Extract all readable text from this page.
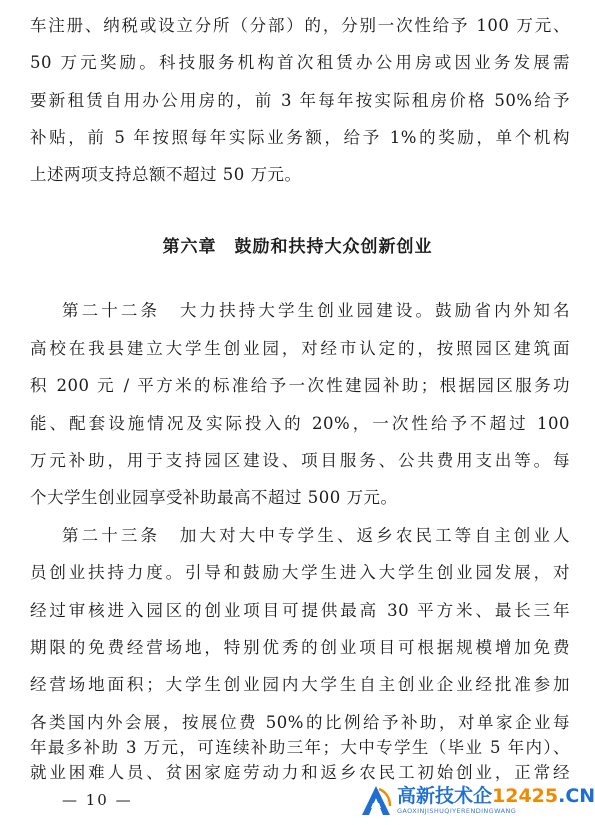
车注册、纳税或设立分所（分部）的，分别一次性给予 100 万元、
50 万元奖励。科技服务机构首次租赁办公用房或因业务发展需
要新租赁自用办公用房的，前 3 年每年按实际租房价格 50%给予
补贴，前 5 年按照每年实际业务额，给予 1%的奖励，单个机构
上述两项支持总额不超过 50 万元。
第六章　鼓励和扶持大众创新创业
第二十二条　大力扶持大学生创业园建设。鼓励省内外知名
高校在我县建立大学生创业园，对经市认定的，按照园区建筑面
积 200 元 / 平方米的标准给予一次性建园补助；根据园区服务功
能、配套设施情况及实际投入的 20%，一次性给予不超过 100
万元补助，用于支持园区建设、项目服务、公共费用支出等。每
个大学生创业园享受补助最高不超过 500 万元。
第二十三条　加大对大中专学生、返乡农民工等自主创业人
员创业扶持力度。引导和鼓励大学生进入大学生创业园发展，对
经过审核进入园区的创业项目可提供最高 30 平方米、最长三年
期限的免费经营场地，特别优秀的创业项目可根据规模增加免费
经营场地面积；大学生创业园内大学生自主创业企业经批准参加
各类国内外会展，按展位费 50%的比例给予补助，对单家企业每
年最多补助 3 万元，可连续补助三年；大中专学生（毕业 5 年内）、
就业困难人员、贫困家庭劳动力和返乡农民工初始创业，正常经
— 10 —	高新技术企12425.CN
GAOXINJISHUQIYERENDINGWANG
